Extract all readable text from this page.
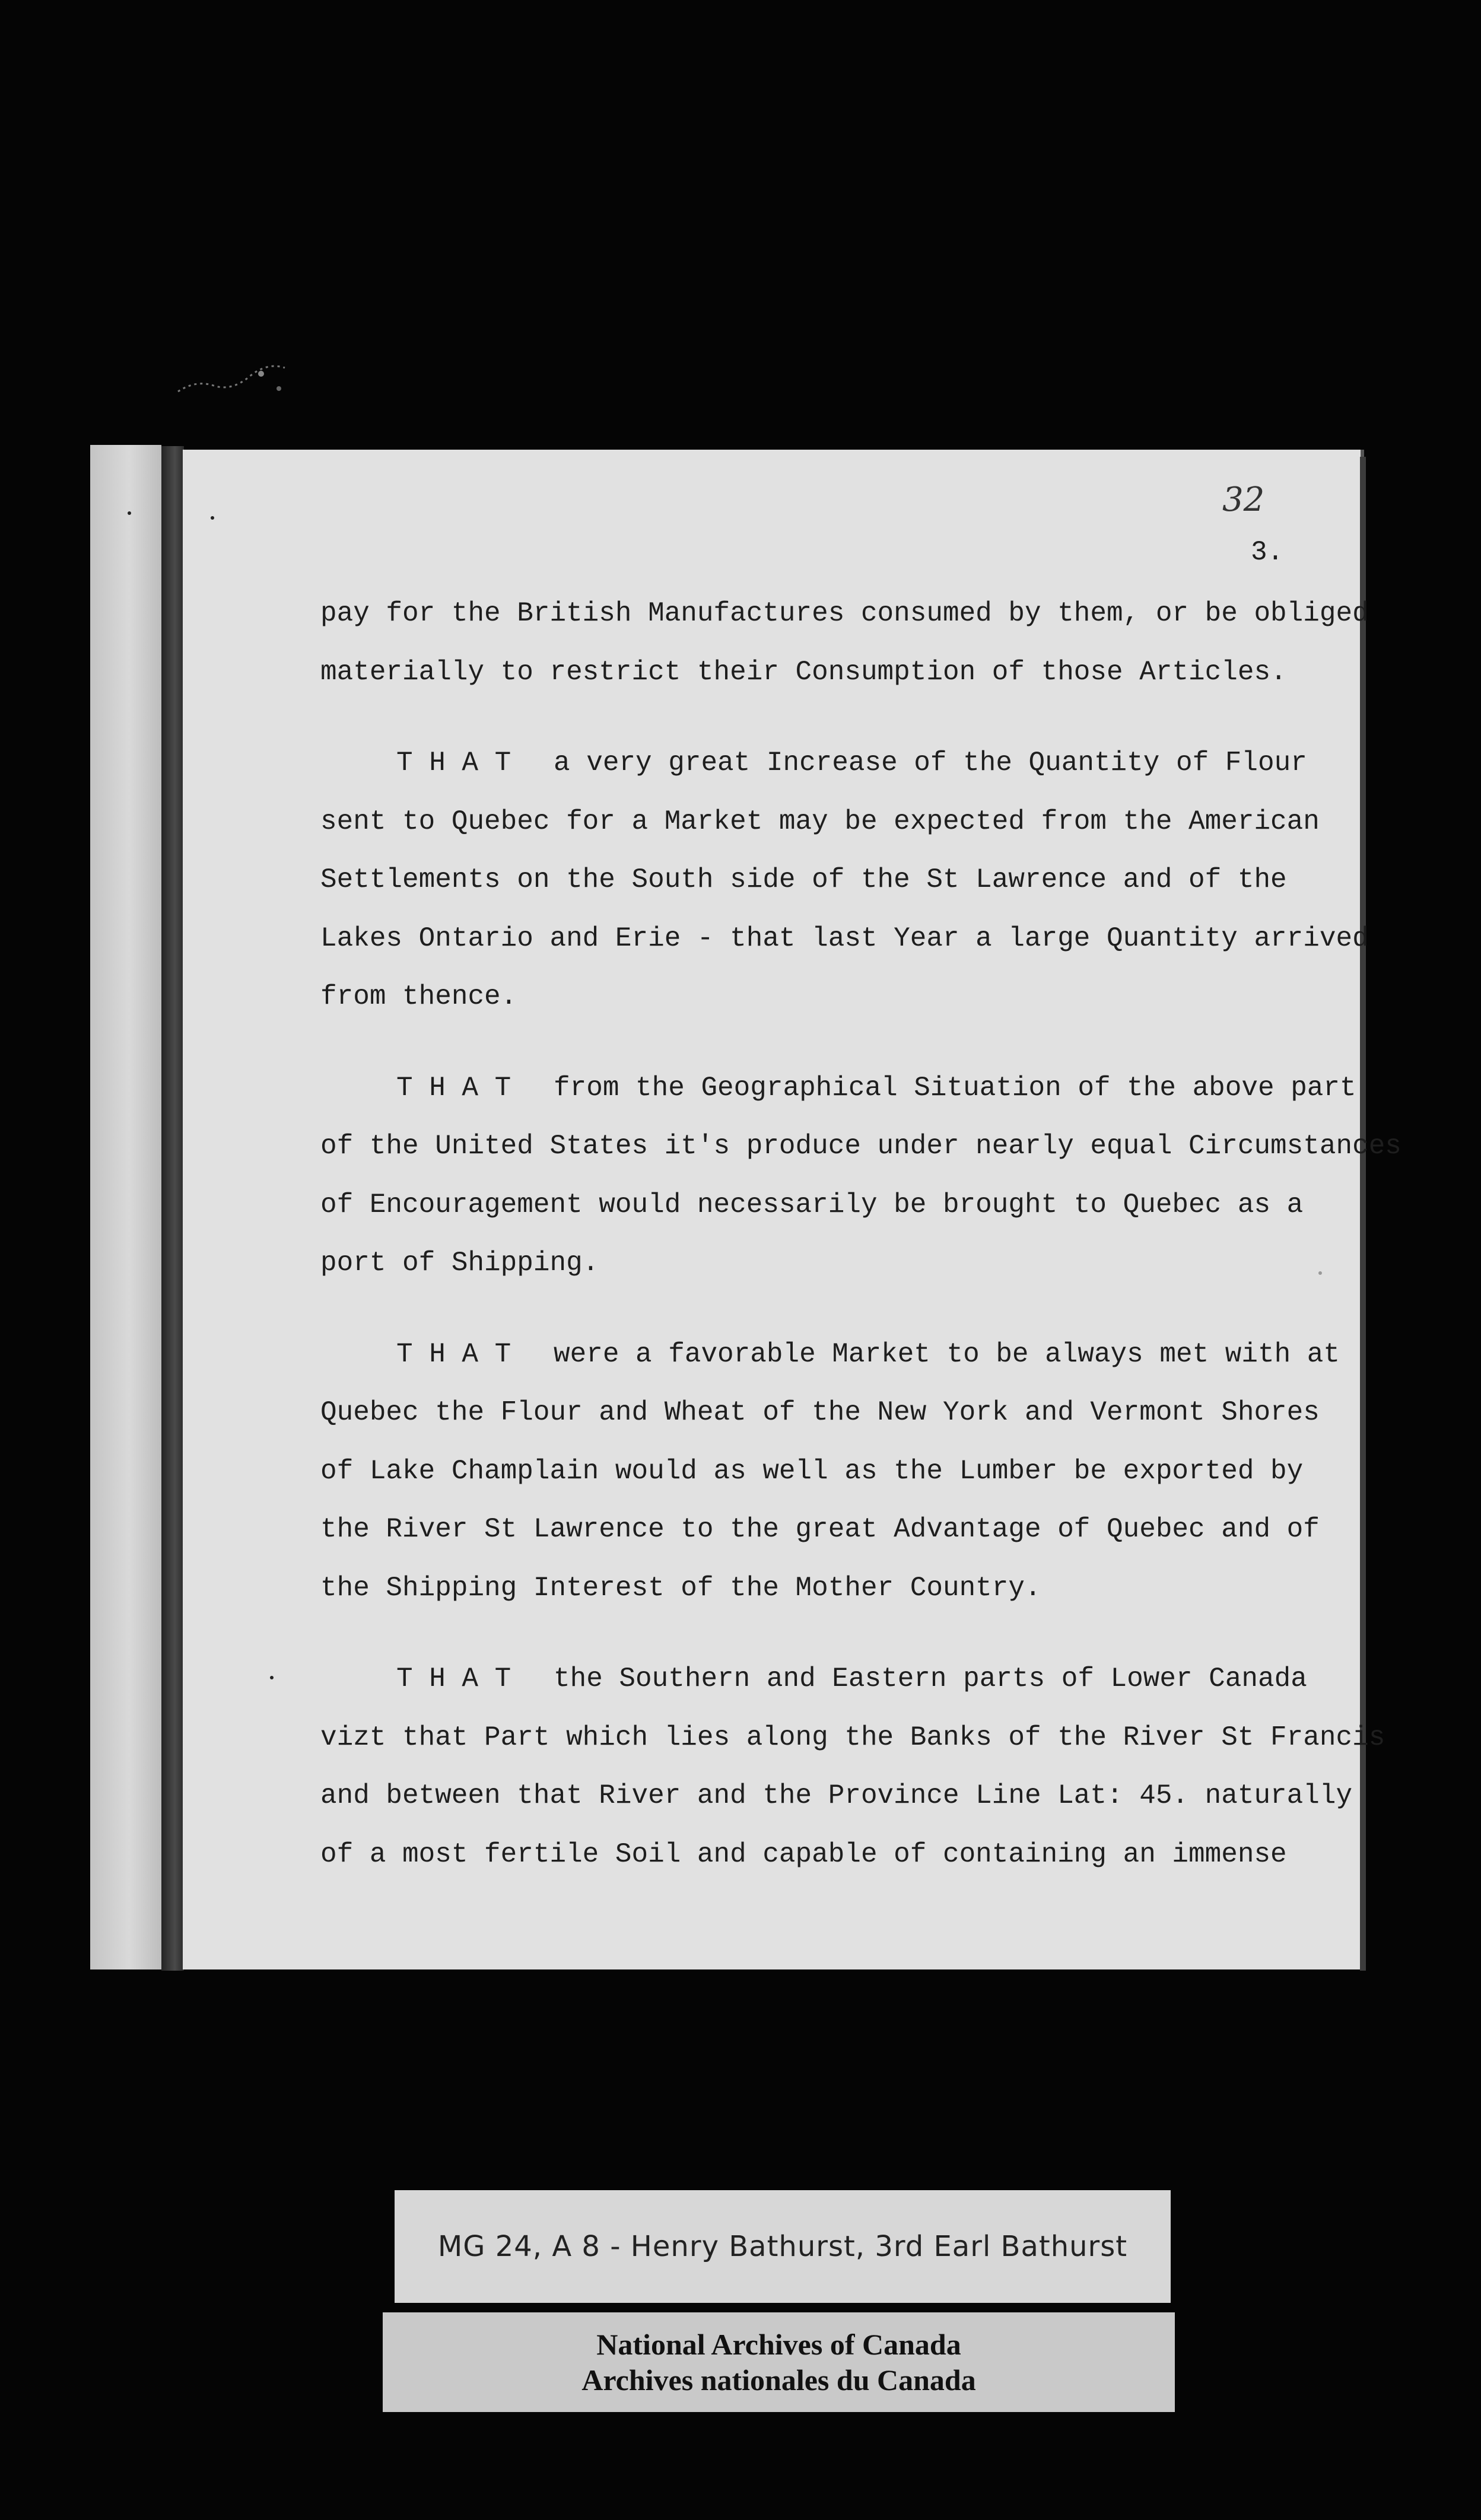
32
3.
pay for the British Manufactures consumed by them, or be obliged
materially to restrict their Consumption of those Articles.
T H A T a very great Increase of the Quantity of Flour
sent to Quebec for a Market may be expected from the American
Settlements on the South side of the St Lawrence and of the
Lakes Ontario and Erie - that last Year a large Quantity arrived
from thence.
T H A T from the Geographical Situation of the above part
of the United States it's produce under nearly equal Circumstances
of Encouragement would necessarily be brought to Quebec as a
port of Shipping.
T H A T were a favorable Market to be always met with at
Quebec the Flour and Wheat of the New York and Vermont Shores
of Lake Champlain would as well as the Lumber be exported by
the River St Lawrence to the great Advantage of Quebec and of
the Shipping Interest of the Mother Country.
T H A T the Southern and Eastern parts of Lower Canada
vizt that Part which lies along the Banks of the River St Francis
and between that River and the Province Line Lat: 45. naturally
of a most fertile Soil and capable of containing an immense
MG 24, A 8 - Henry Bathurst, 3rd Earl Bathurst
National Archives of Canada
Archives nationales du Canada
